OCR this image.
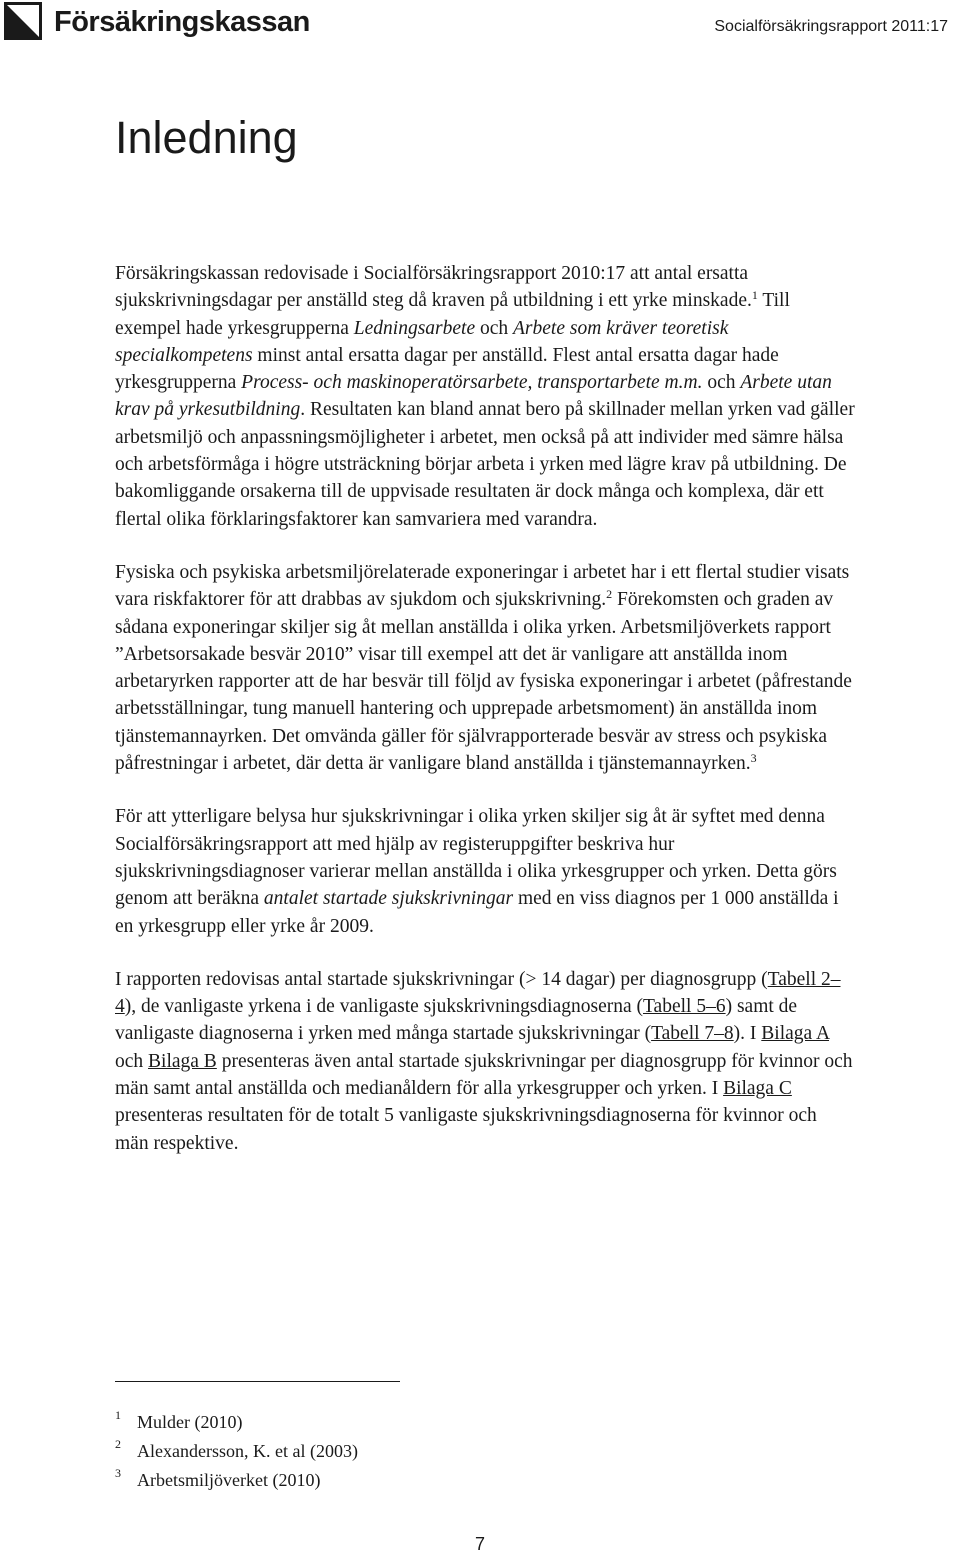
Försäkringskassan	Socialförsäkringsrapport 2011:17
Inledning

Försäkringskassan redovisade i Socialförsäkringsrapport 2010:17 att antal ersatta sjukskrivningsdagar per anställd steg då kraven på utbildning i ett yrke minskade.$^1$ Till exempel hade yrkesgrupperna Ledningsarbete och Arbete som kräver teoretisk specialkompetens minst antal ersatta dagar per anställd. Flest antal ersatta dagar hade yrkesgrupperna Process- och maskinoperatörsarbete, transportarbete m.m. och Arbete utan krav på yrkesutbildning. Resultaten kan bland annat bero på skillnader mellan yrken vad gäller arbetsmiljö och anpassningsmöjligheter i arbetet, men också på att individer med sämre hälsa och arbetsförmåga i högre utsträckning börjar arbeta i yrken med lägre krav på utbildning. De bakomliggande orsakerna till de uppvisade resultaten är dock många och komplexa, där ett flertal olika förklaringsfaktorer kan samvariera med varandra.

Fysiska och psykiska arbetsmiljörelaterade exponeringar i arbetet har i ett flertal studier visats vara riskfaktorer för att drabbas av sjukdom och sjukskrivning.$^2$ Förekomsten och graden av sådana exponeringar skiljer sig åt mellan anställda i olika yrken. Arbetsmiljöverkets rapport ”Arbetsorsakade besvär 2010” visar till exempel att det är vanligare att anställda inom arbetaryrken rapporter att de har besvär till följd av fysiska exponeringar i arbetet (påfrestande arbetsställningar, tung manuell hantering och upprepade arbetsmoment) än anställda inom tjänstemannayrken. Det omvända gäller för självrapporterade besvär av stress och psykiska påfrestningar i arbetet, där detta är vanligare bland anställda i tjänstemannayrken.$^3$

För att ytterligare belysa hur sjukskrivningar i olika yrken skiljer sig åt är syftet med denna Socialförsäkringsrapport att med hjälp av registeruppgifter beskriva hur sjukskrivningsdiagnoser varierar mellan anställda i olika yrkesgrupper och yrken. Detta görs genom att beräkna antalet startade sjukskrivningar med en viss diagnos per 1 000 anställda i en yrkesgrupp eller yrke år 2009.

I rapporten redovisas antal startade sjukskrivningar (> 14 dagar) per diagnosgrupp (Tabell 2–4), de vanligaste yrkena i de vanligaste sjukskrivningsdiagnoserna (Tabell 5–6) samt de vanligaste diagnoserna i yrken med många startade sjukskrivningar (Tabell 7–8). I Bilaga A och Bilaga B presenteras även antal startade sjukskrivningar per diagnosgrupp för kvinnor och män samt antal anställda och medianåldern för alla yrkesgrupper och yrken. I Bilaga C presenteras resultaten för de totalt 5 vanligaste sjukskrivningsdiagnoserna för kvinnor och män respektive.

1 Mulder (2010)
2 Alexandersson, K. et al (2003)
3 Arbetsmiljöverket (2010)
7
